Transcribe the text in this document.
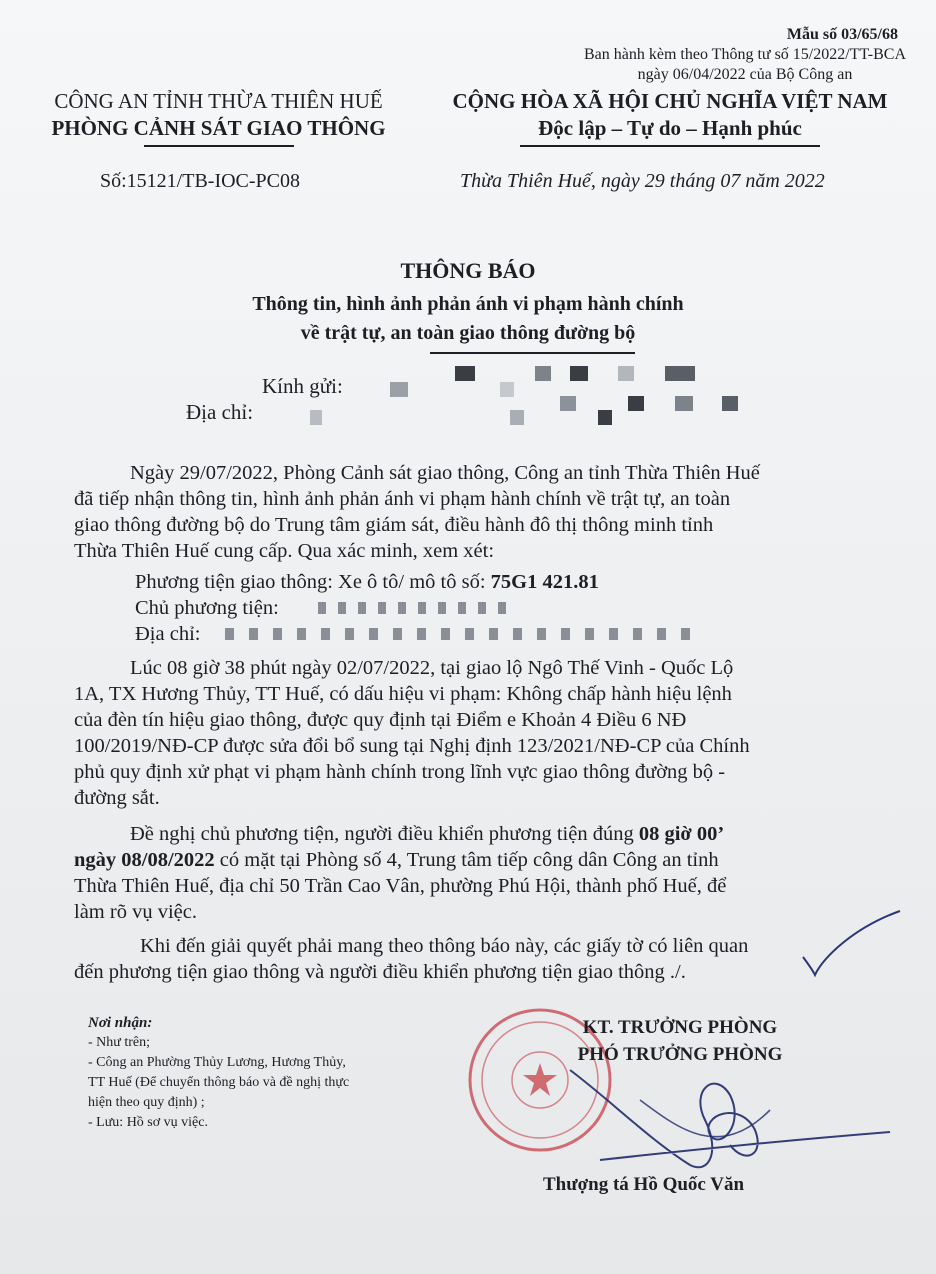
Mẫu số 03/65/68
Ban hành kèm theo Thông tư số 15/2022/TT-BCA
ngày 06/04/2022 của Bộ Công an
CÔNG AN TỈNH THỪA THIÊN HUẾ
PHÒNG CẢNH SÁT GIAO THÔNG
CỘNG HÒA XÃ HỘI CHỦ NGHĨA VIỆT NAM
Độc lập – Tự do – Hạnh phúc
Số:15121/TB-IOC-PC08	Thừa Thiên Huế, ngày 29 tháng 07 năm 2022
THÔNG BÁO
Thông tin, hình ảnh phản ánh vi phạm hành chính
về trật tự, an toàn giao thông đường bộ
Kính gửi:
Địa chỉ:
Ngày 29/07/2022, Phòng Cảnh sát giao thông, Công an tỉnh Thừa Thiên Huế
đã tiếp nhận thông tin, hình ảnh phản ánh vi phạm hành chính về trật tự, an toàn
giao thông đường bộ do Trung tâm giám sát, điều hành đô thị thông minh tỉnh
Thừa Thiên Huế cung cấp. Qua xác minh, xem xét:
Phương tiện giao thông: Xe ô tô/ mô tô số: 75G1 421.81
Chủ phương tiện:
Địa chỉ:
Lúc 08 giờ 38 phút ngày 02/07/2022, tại giao lộ Ngô Thế Vinh - Quốc Lộ
1A, TX Hương Thủy, TT Huế, có dấu hiệu vi phạm: Không chấp hành hiệu lệnh
của đèn tín hiệu giao thông, được quy định tại Điểm e Khoản 4 Điều 6 NĐ
100/2019/NĐ-CP được sửa đổi bổ sung tại Nghị định 123/2021/NĐ-CP của Chính
phủ quy định xử phạt vi phạm hành chính trong lĩnh vực giao thông đường bộ -
đường sắt.
Đề nghị chủ phương tiện, người điều khiển phương tiện đúng 08 giờ 00’
ngày 08/08/2022 có mặt tại Phòng số 4, Trung tâm tiếp công dân Công an tỉnh
Thừa Thiên Huế, địa chỉ 50 Trần Cao Vân, phường Phú Hội, thành phố Huế, để
làm rõ vụ việc.
Khi đến giải quyết phải mang theo thông báo này, các giấy tờ có liên quan
đến phương tiện giao thông và người điều khiển phương tiện giao thông ./.
Nơi nhận:
- Như trên;
- Công an Phường Thủy Lương, Hương Thủy,
TT Huế (Để chuyển thông báo và đề nghị thực
hiện theo quy định) ;
- Lưu: Hồ sơ vụ việc.
KT. TRƯỞNG PHÒNG
PHÓ TRƯỞNG PHÒNG
Thượng tá Hồ Quốc Văn
